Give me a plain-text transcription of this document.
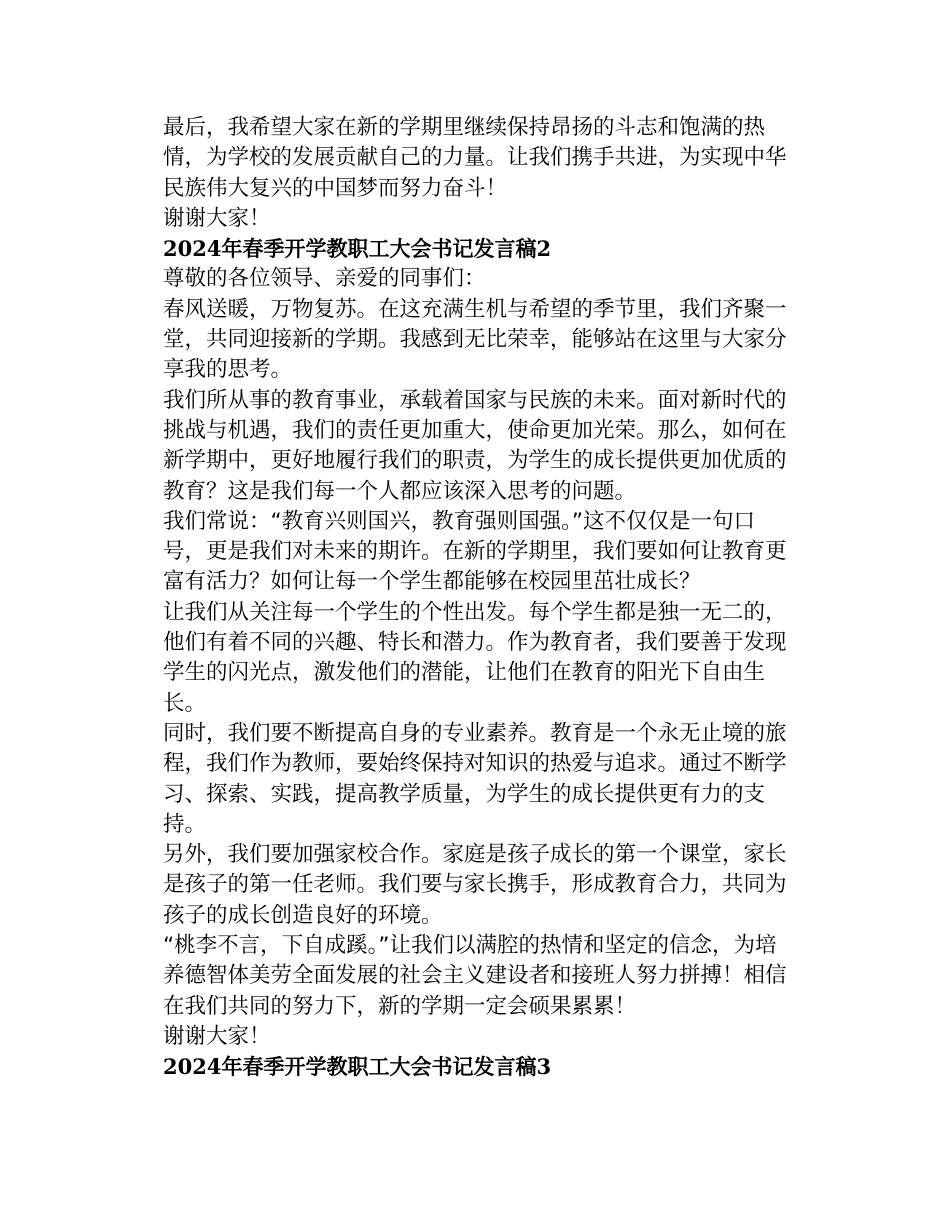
最后，我希望大家在新的学期里继续保持昂扬的斗志和饱满的热情，为学校的发展贡献自己的力量。让我们携手共进，为实现中华民族伟大复兴的中国梦而努力奋斗！

谢谢大家！

2024年春季开学教职工大会书记发言稿2

尊敬的各位领导、亲爱的同事们：

春风送暖，万物复苏。在这充满生机与希望的季节里，我们齐聚一堂，共同迎接新的学期。我感到无比荣幸，能够站在这里与大家分享我的思考。

我们所从事的教育事业，承载着国家与民族的未来。面对新时代的挑战与机遇，我们的责任更加重大，使命更加光荣。那么，如何在新学期中，更好地履行我们的职责，为学生的成长提供更加优质的教育？这是我们每一个人都应该深入思考的问题。

我们常说：“教育兴则国兴，教育强则国强。”这不仅仅是一句口号，更是我们对未来的期许。在新的学期里，我们要如何让教育更富有活力？如何让每一个学生都能够在校园里茁壮成长？

让我们从关注每一个学生的个性出发。每个学生都是独一无二的，他们有着不同的兴趣、特长和潜力。作为教育者，我们要善于发现学生的闪光点，激发他们的潜能，让他们在教育的阳光下自由生长。

同时，我们要不断提高自身的专业素养。教育是一个永无止境的旅程，我们作为教师，要始终保持对知识的热爱与追求。通过不断学习、探索、实践，提高教学质量，为学生的成长提供更有力的支持。

另外，我们要加强家校合作。家庭是孩子成长的第一个课堂，家长是孩子的第一任老师。我们要与家长携手，形成教育合力，共同为孩子的成长创造良好的环境。

“桃李不言，下自成蹊。”让我们以满腔的热情和坚定的信念，为培养德智体美劳全面发展的社会主义建设者和接班人努力拼搏！相信在我们共同的努力下，新的学期一定会硕果累累！

谢谢大家！

2024年春季开学教职工大会书记发言稿3
